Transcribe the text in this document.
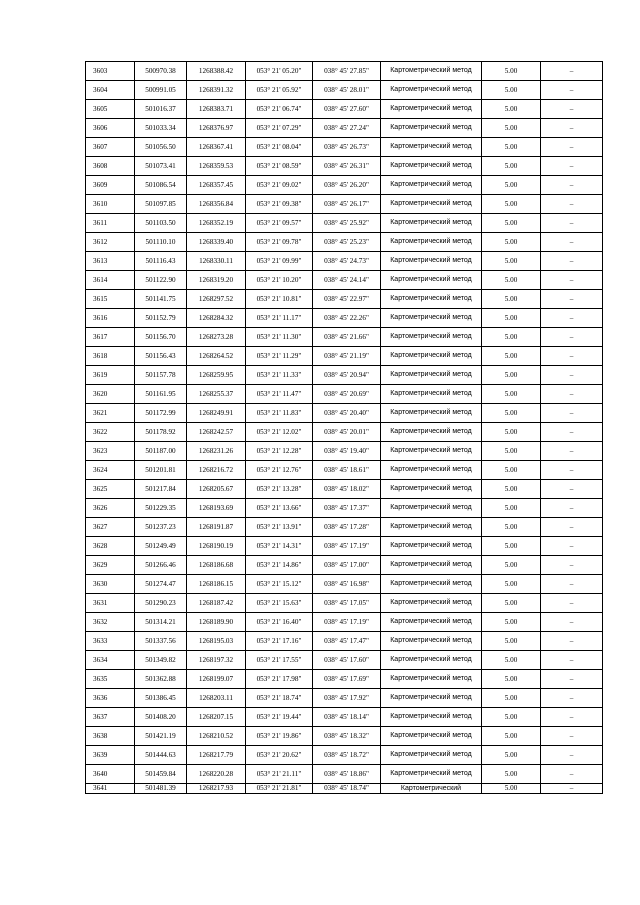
3603	500970.38	1268388.42	053° 21' 05.20"	038° 45' 27.85"	Картометрический метод	5.00	–
3604	500991.05	1268391.32	053° 21' 05.92"	038° 45' 28.01"	Картометрический метод	5.00	–
3605	501016.37	1268383.71	053° 21' 06.74"	038° 45' 27.60"	Картометрический метод	5.00	–
3606	501033.34	1268376.97	053° 21' 07.29"	038° 45' 27.24"	Картометрический метод	5.00	–
3607	501056.50	1268367.41	053° 21' 08.04"	038° 45' 26.73"	Картометрический метод	5.00	–
3608	501073.41	1268359.53	053° 21' 08.59"	038° 45' 26.31"	Картометрический метод	5.00	–
3609	501086.54	1268357.45	053° 21' 09.02"	038° 45' 26.20"	Картометрический метод	5.00	–
3610	501097.85	1268356.84	053° 21' 09.38"	038° 45' 26.17"	Картометрический метод	5.00	–
3611	501103.50	1268352.19	053° 21' 09.57"	038° 45' 25.92"	Картометрический метод	5.00	–
3612	501110.10	1268339.40	053° 21' 09.78"	038° 45' 25.23"	Картометрический метод	5.00	–
3613	501116.43	1268330.11	053° 21' 09.99"	038° 45' 24.73"	Картометрический метод	5.00	–
3614	501122.90	1268319.20	053° 21' 10.20"	038° 45' 24.14"	Картометрический метод	5.00	–
3615	501141.75	1268297.52	053° 21' 10.81"	038° 45' 22.97"	Картометрический метод	5.00	–
3616	501152.79	1268284.32	053° 21' 11.17"	038° 45' 22.26"	Картометрический метод	5.00	–
3617	501156.70	1268273.28	053° 21' 11.30"	038° 45' 21.66"	Картометрический метод	5.00	–
3618	501156.43	1268264.52	053° 21' 11.29"	038° 45' 21.19"	Картометрический метод	5.00	–
3619	501157.78	1268259.95	053° 21' 11.33"	038° 45' 20.94"	Картометрический метод	5.00	–
3620	501161.95	1268255.37	053° 21' 11.47"	038° 45' 20.69"	Картометрический метод	5.00	–
3621	501172.99	1268249.91	053° 21' 11.83"	038° 45' 20.40"	Картометрический метод	5.00	–
3622	501178.92	1268242.57	053° 21' 12.02"	038° 45' 20.01"	Картометрический метод	5.00	–
3623	501187.00	1268231.26	053° 21' 12.28"	038° 45' 19.40"	Картометрический метод	5.00	–
3624	501201.81	1268216.72	053° 21' 12.76"	038° 45' 18.61"	Картометрический метод	5.00	–
3625	501217.84	1268205.67	053° 21' 13.28"	038° 45' 18.02"	Картометрический метод	5.00	–
3626	501229.35	1268193.69	053° 21' 13.66"	038° 45' 17.37"	Картометрический метод	5.00	–
3627	501237.23	1268191.87	053° 21' 13.91"	038° 45' 17.28"	Картометрический метод	5.00	–
3628	501249.49	1268190.19	053° 21' 14.31"	038° 45' 17.19"	Картометрический метод	5.00	–
3629	501266.46	1268186.68	053° 21' 14.86"	038° 45' 17.00"	Картометрический метод	5.00	–
3630	501274.47	1268186.15	053° 21' 15.12"	038° 45' 16.98"	Картометрический метод	5.00	–
3631	501290.23	1268187.42	053° 21' 15.63"	038° 45' 17.05"	Картометрический метод	5.00	–
3632	501314.21	1268189.90	053° 21' 16.40"	038° 45' 17.19"	Картометрический метод	5.00	–
3633	501337.56	1268195.03	053° 21' 17.16"	038° 45' 17.47"	Картометрический метод	5.00	–
3634	501349.82	1268197.32	053° 21' 17.55"	038° 45' 17.60"	Картометрический метод	5.00	–
3635	501362.88	1268199.07	053° 21' 17.98"	038° 45' 17.69"	Картометрический метод	5.00	–
3636	501386.45	1268203.11	053° 21' 18.74"	038° 45' 17.92"	Картометрический метод	5.00	–
3637	501408.20	1268207.15	053° 21' 19.44"	038° 45' 18.14"	Картометрический метод	5.00	–
3638	501421.19	1268210.52	053° 21' 19.86"	038° 45' 18.32"	Картометрический метод	5.00	–
3639	501444.63	1268217.79	053° 21' 20.62"	038° 45' 18.72"	Картометрический метод	5.00	–
3640	501459.84	1268220.28	053° 21' 21.11"	038° 45' 18.86"	Картометрический метод	5.00	–
3641	501481.39	1268217.93	053° 21' 21.81"	038° 45' 18.74"	Картометрический	5.00	–
